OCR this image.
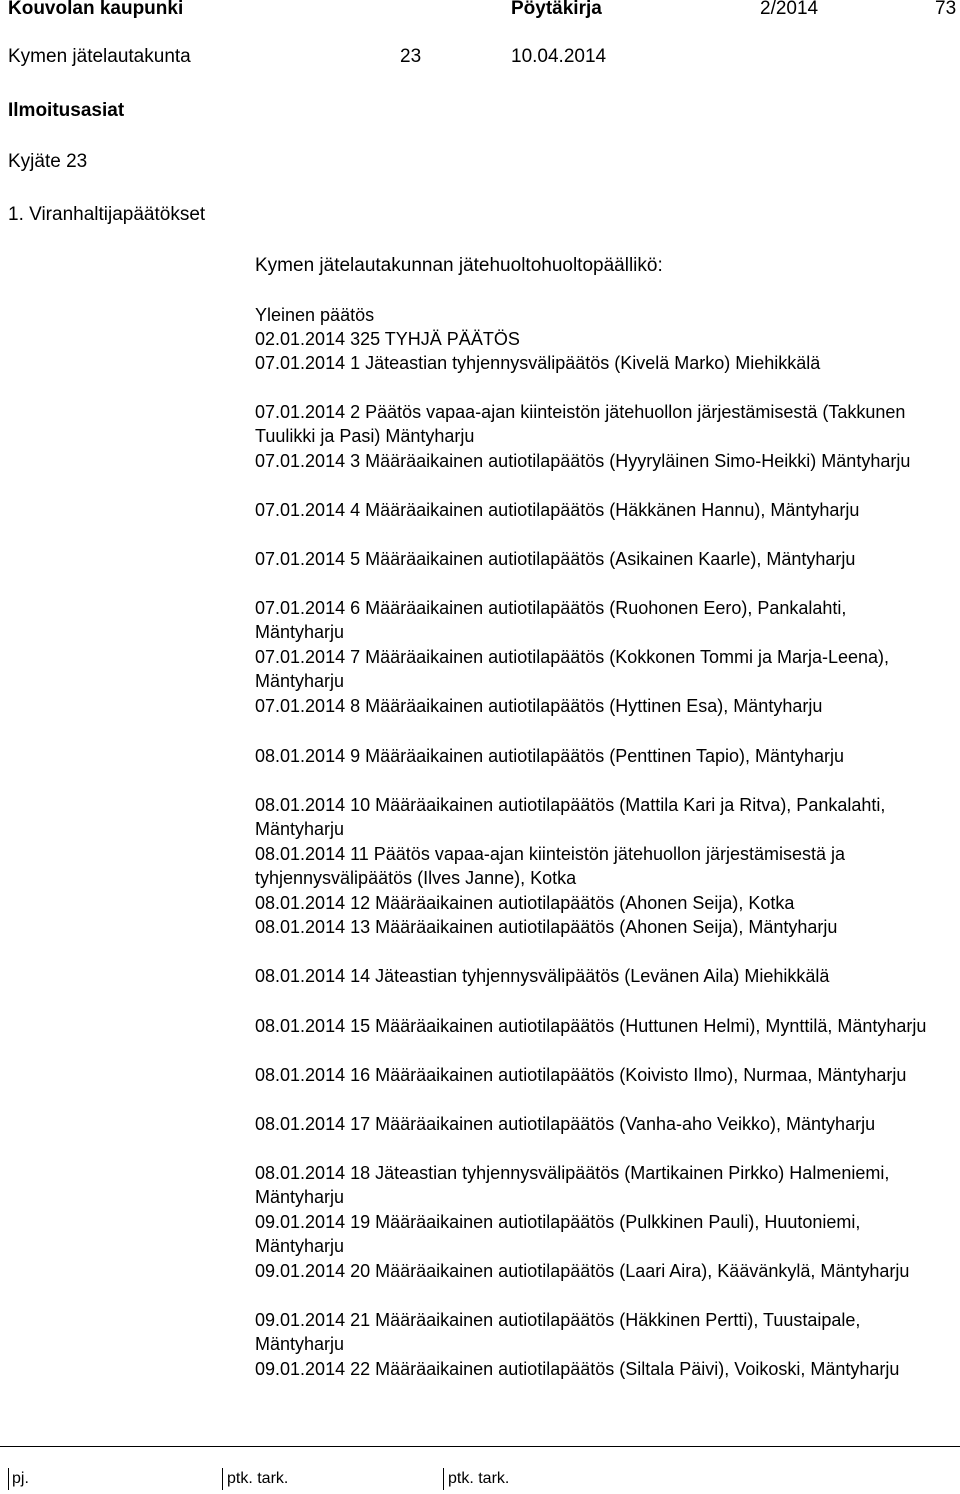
Kouvolan kaupunki	Pöytäkirja	2/2014	73
Kymen jätelautakunta	23	10.04.2014
Ilmoitusasiat
Kyjäte 23
1. Viranhaltijapäätökset
Kymen jätelautakunnan jätehuoltohuoltopäällikö:
Yleinen päätös
02.01.2014 325 TYHJÄ PÄÄTÖS
07.01.2014 1 Jäteastian tyhjennysvälipäätös (Kivelä Marko) Miehikkälä
07.01.2014 2 Päätös vapaa-ajan kiinteistön jätehuollon järjestämisestä (Takkunen Tuulikki ja Pasi) Mäntyharju
07.01.2014 3 Määräaikainen autiotilapäätös (Hyyryläinen Simo-Heikki) Mäntyharju
07.01.2014 4 Määräaikainen autiotilapäätös (Häkkänen Hannu), Mäntyharju
07.01.2014 5 Määräaikainen autiotilapäätös (Asikainen Kaarle), Mäntyharju
07.01.2014 6 Määräaikainen autiotilapäätös (Ruohonen Eero), Pankalahti, Mäntyharju
07.01.2014 7 Määräaikainen autiotilapäätös (Kokkonen Tommi ja Marja-Leena), Mäntyharju
07.01.2014 8 Määräaikainen autiotilapäätös (Hyttinen Esa), Mäntyharju
08.01.2014 9 Määräaikainen autiotilapäätös (Penttinen Tapio), Mäntyharju
08.01.2014 10 Määräaikainen autiotilapäätös (Mattila Kari ja Ritva), Pankalahti, Mäntyharju
08.01.2014 11 Päätös vapaa-ajan kiinteistön jätehuollon järjestämisestä ja tyhjennysvälipäätös (Ilves Janne), Kotka
08.01.2014 12 Määräaikainen autiotilapäätös (Ahonen Seija), Kotka
08.01.2014 13 Määräaikainen autiotilapäätös (Ahonen Seija), Mäntyharju
08.01.2014 14 Jäteastian tyhjennysvälipäätös (Levänen Aila) Miehikkälä
08.01.2014 15 Määräaikainen autiotilapäätös (Huttunen Helmi), Mynttilä, Mäntyharju
08.01.2014 16 Määräaikainen autiotilapäätös (Koivisto Ilmo), Nurmaa, Mäntyharju
08.01.2014 17 Määräaikainen autiotilapäätös (Vanha-aho Veikko), Mäntyharju
08.01.2014 18 Jäteastian tyhjennysvälipäätös (Martikainen Pirkko) Halmeniemi, Mäntyharju
09.01.2014 19 Määräaikainen autiotilapäätös (Pulkkinen Pauli), Huutoniemi, Mäntyharju
09.01.2014 20 Määräaikainen autiotilapäätös (Laari Aira), Käävänkylä, Mäntyharju
09.01.2014 21 Määräaikainen autiotilapäätös (Häkkinen Pertti), Tuustaipale, Mäntyharju
09.01.2014 22 Määräaikainen autiotilapäätös (Siltala Päivi), Voikoski, Mäntyharju
pj.	ptk. tark.	ptk. tark.
